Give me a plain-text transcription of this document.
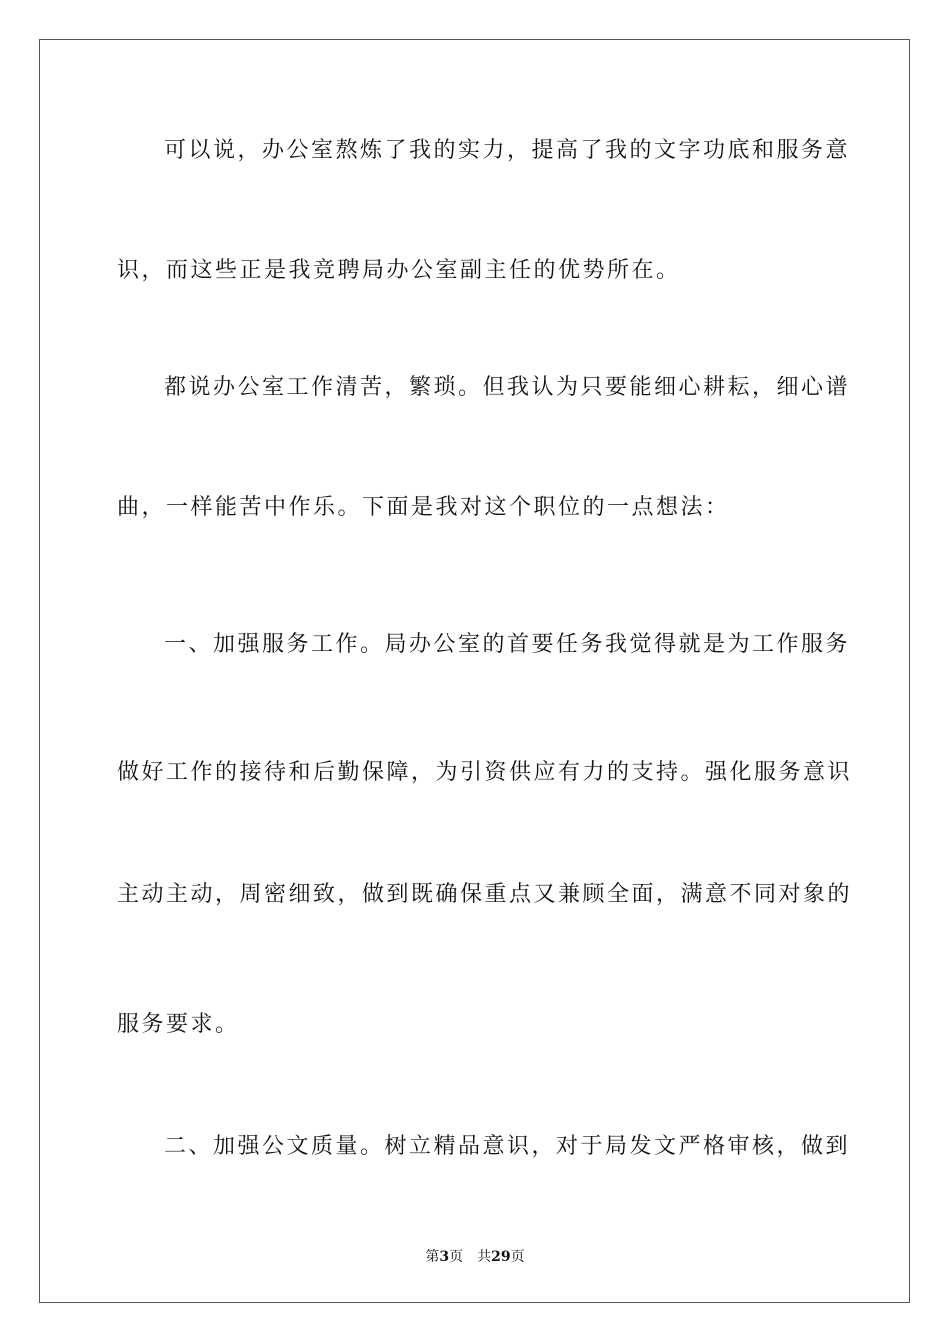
可以说，办公室熬炼了我的实力，提高了我的文字功底和服务意
识，而这些正是我竞聘局办公室副主任的优势所在。
都说办公室工作清苦，繁琐。但我认为只要能细心耕耘，细心谱
曲，一样能苦中作乐。下面是我对这个职位的一点想法：
一、加强服务工作。局办公室的首要任务我觉得就是为工作服务
做好工作的接待和后勤保障，为引资供应有力的支持。强化服务意识
主动主动，周密细致，做到既确保重点又兼顾全面，满意不同对象的
服务要求。
二、加强公文质量。树立精品意识，对于局发文严格审核，做到
第3页 共29页
